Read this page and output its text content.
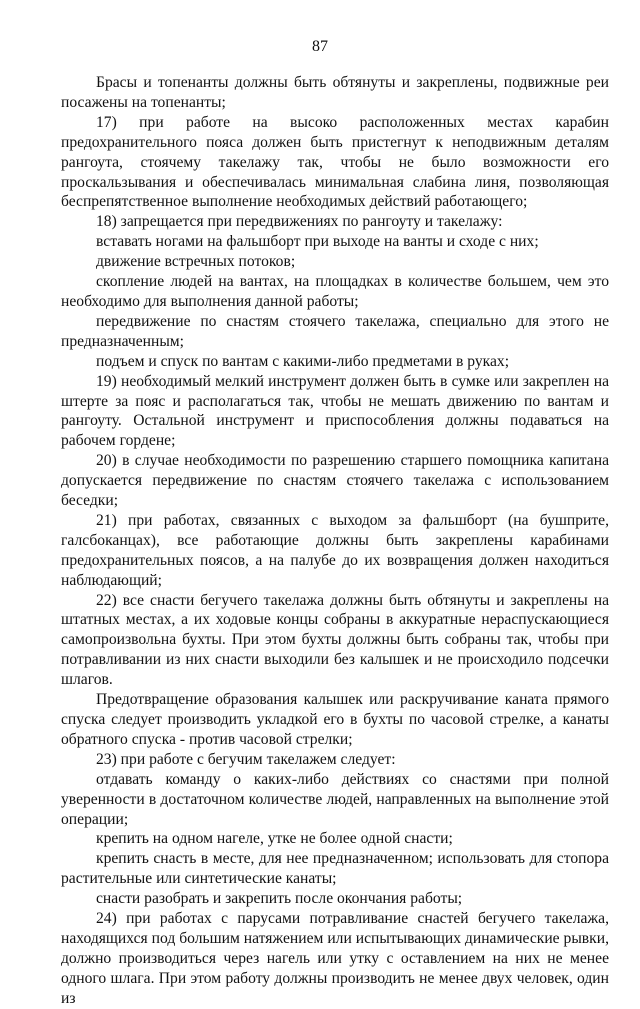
87

Брасы и топенанты должны быть обтянуты и закреплены, подвижные реи посажены на топенанты;

17) при работе на высоко расположенных местах карабин предохранительного пояса должен быть пристегнут к неподвижным деталям рангоута, стоячему такелажу так, чтобы не было возможности его проскальзывания и обеспечивалась минимальная слабина линя, позволяющая беспрепятственное выполнение необходимых действий работающего;

18) запрещается при передвижениях по рангоуту и такелажу:

вставать ногами на фальшборт при выходе на ванты и сходе с них;

движение встречных потоков;

скопление людей на вантах, на площадках в количестве большем, чем это необходимо для выполнения данной работы;

передвижение по снастям стоячего такелажа, специально для этого не предназначенным;

подъем и спуск по вантам с какими-либо предметами в руках;

19) необходимый мелкий инструмент должен быть в сумке или закреплен на штерте за пояс и располагаться так, чтобы не мешать движению по вантам и рангоуту. Остальной инструмент и приспособления должны подаваться на рабочем гордене;

20) в случае необходимости по разрешению старшего помощника капитана допускается передвижение по снастям стоячего такелажа с использованием беседки;

21) при работах, связанных с выходом за фальшборт (на бушприте, галсбоканцах), все работающие должны быть закреплены карабинами предохранительных поясов, а на палубе до их возвращения должен находиться наблюдающий;

22) все снасти бегучего такелажа должны быть обтянуты и закреплены на штатных местах, а их ходовые концы собраны в аккуратные нераспускающиеся самопроизвольна бухты. При этом бухты должны быть собраны так, чтобы при потравливании из них снасти выходили без калышек и не происходило подсечки шлагов.

Предотвращение образования калышек или раскручивание каната прямого спуска следует производить укладкой его в бухты по часовой стрелке, а канаты обратного спуска - против часовой стрелки;

23) при работе с бегучим такелажем следует:

отдавать команду о каких-либо действиях со снастями при полной уверенности в достаточном количестве людей, направленных на выполнение этой операции;

крепить на одном нагеле, утке не более одной снасти;

крепить снасть в месте, для нее предназначенном; использовать для стопора растительные или синтетические канаты;

снасти разобрать и закрепить после окончания работы;

24) при работах с парусами потравливание снастей бегучего такелажа, находящихся под большим натяжением или испытывающих динамические рывки, должно производиться через нагель или утку с оставлением на них не менее одного шлага. При этом работу должны производить не менее двух человек, один из
